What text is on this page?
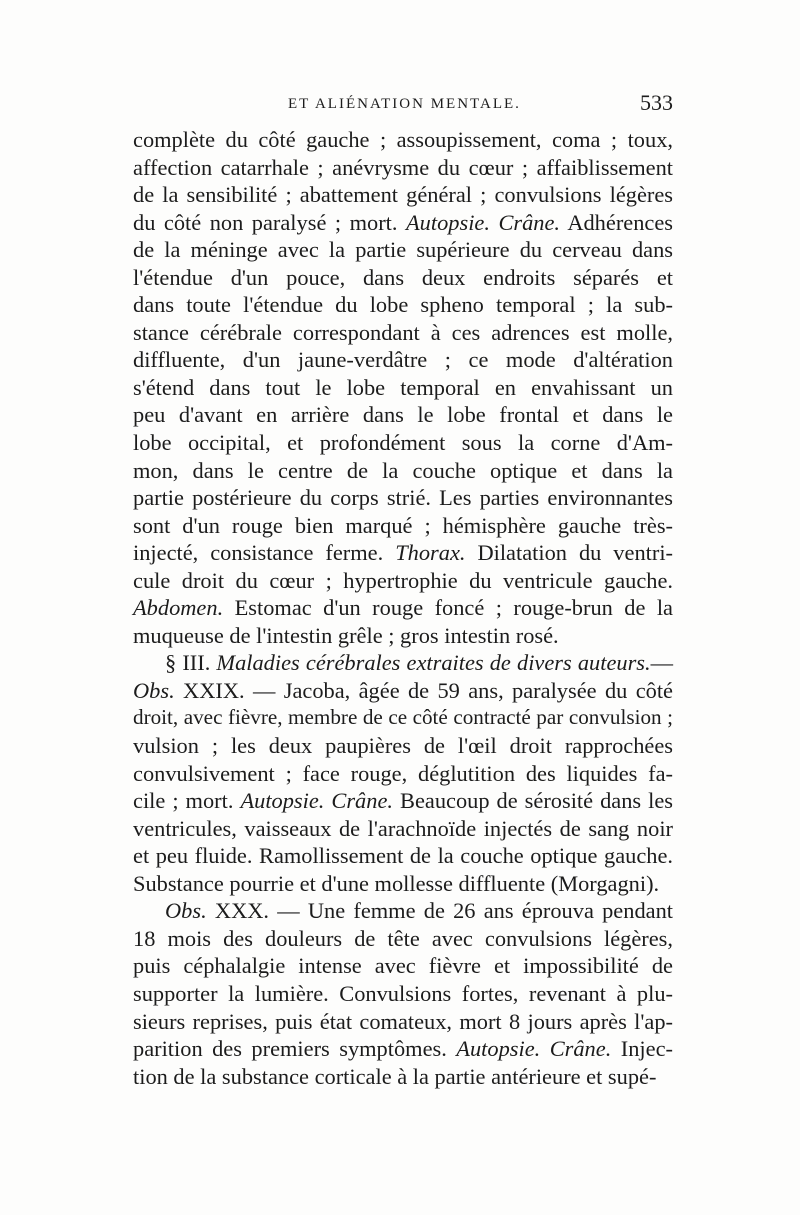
ET ALIÉNATION MENTALE.	533
complète du côté gauche ; assoupissement, coma ; toux,
affection catarrhale ; anévrysme du cœur ; affaiblissement
de la sensibilité ; abattement général ; convulsions légères
du côté non paralysé ; mort. Autopsie. Crâne. Adhérences
de la méninge avec la partie supérieure du cerveau dans
l'étendue d'un pouce, dans deux endroits séparés et
dans toute l'étendue du lobe spheno temporal ; la sub-
stance cérébrale correspondant à ces adrences est molle,
diffluente, d'un jaune-verdâtre ; ce mode d'altération
s'étend dans tout le lobe temporal en envahissant un
peu d'avant en arrière dans le lobe frontal et dans le
lobe occipital, et profondément sous la corne d'Am-
mon, dans le centre de la couche optique et dans la
partie postérieure du corps strié. Les parties environnantes
sont d'un rouge bien marqué ; hémisphère gauche très-
injecté, consistance ferme. Thorax. Dilatation du ventri-
cule droit du cœur ; hypertrophie du ventricule gauche.
Abdomen. Estomac d'un rouge foncé ; rouge-brun de la
muqueuse de l'intestin grêle ; gros intestin rosé.
§ III. Maladies cérébrales extraites de divers auteurs.—
Obs. XXIX. — Jacoba, âgée de 59 ans, paralysée du côté
droit, avec fièvre, membre de ce côté contracté par convulsion ;
vulsion ; les deux paupières de l'œil droit rapprochées
convulsivement ; face rouge, déglutition des liquides fa-
cile ; mort. Autopsie. Crâne. Beaucoup de sérosité dans les
ventricules, vaisseaux de l'arachnoïde injectés de sang noir
et peu fluide. Ramollissement de la couche optique gauche.
Substance pourrie et d'une mollesse diffluente (Morgagni).
Obs. XXX. — Une femme de 26 ans éprouva pendant
18 mois des douleurs de tête avec convulsions légères,
puis céphalalgie intense avec fièvre et impossibilité de
supporter la lumière. Convulsions fortes, revenant à plu-
sieurs reprises, puis état comateux, mort 8 jours après l'ap-
parition des premiers symptômes. Autopsie. Crâne. Injec-
tion de la substance corticale à la partie antérieure et supé-
